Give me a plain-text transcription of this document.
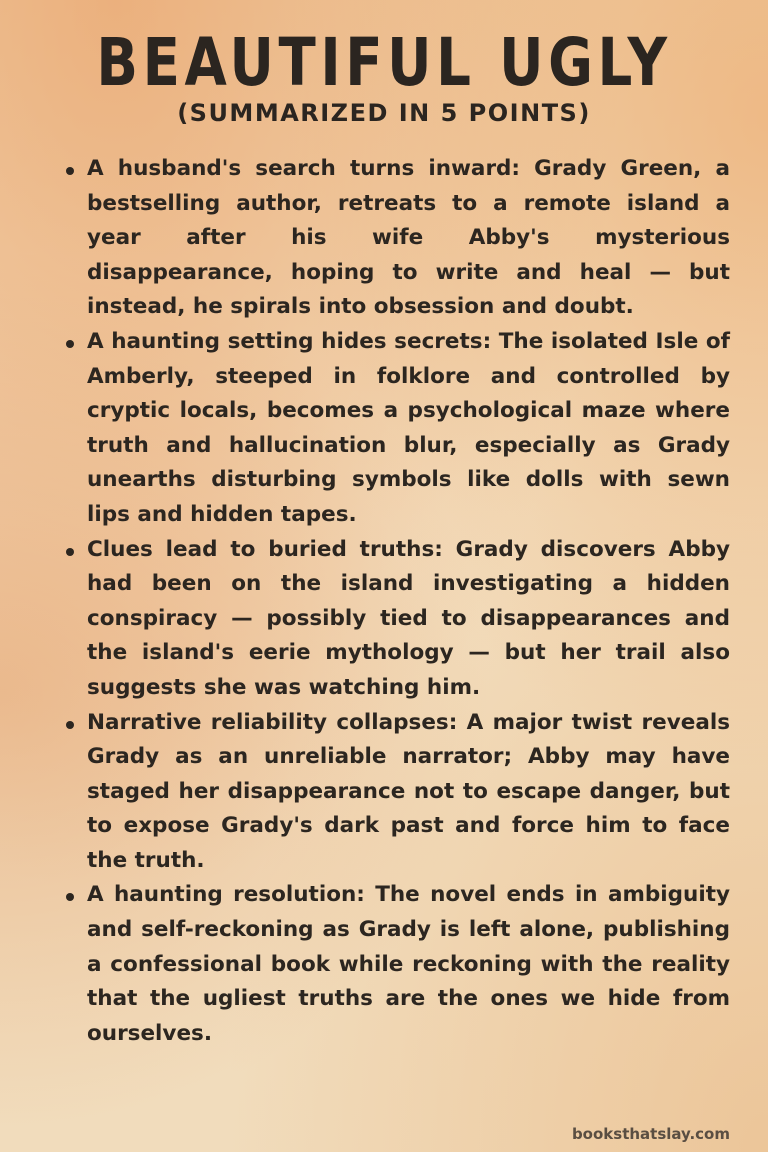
BEAUTIFUL UGLY
(SUMMARIZED IN 5 POINTS)
A husband's search turns inward: Grady Green, a bestselling author, retreats to a remote island a year after his wife Abby's mysterious disappearance, hoping to write and heal — but instead, he spirals into obsession and doubt.
A haunting setting hides secrets: The isolated Isle of Amberly, steeped in folklore and controlled by cryptic locals, becomes a psychological maze where truth and hallucination blur, especially as Grady unearths disturbing symbols like dolls with sewn lips and hidden tapes.
Clues lead to buried truths: Grady discovers Abby had been on the island investigating a hidden conspiracy — possibly tied to disappearances and the island's eerie mythology — but her trail also suggests she was watching him.
Narrative reliability collapses: A major twist reveals Grady as an unreliable narrator; Abby may have staged her disappearance not to escape danger, but to expose Grady's dark past and force him to face the truth.
A haunting resolution: The novel ends in ambiguity and self-reckoning as Grady is left alone, publishing a confessional book while reckoning with the reality that the ugliest truths are the ones we hide from ourselves.
booksthatslay.com
